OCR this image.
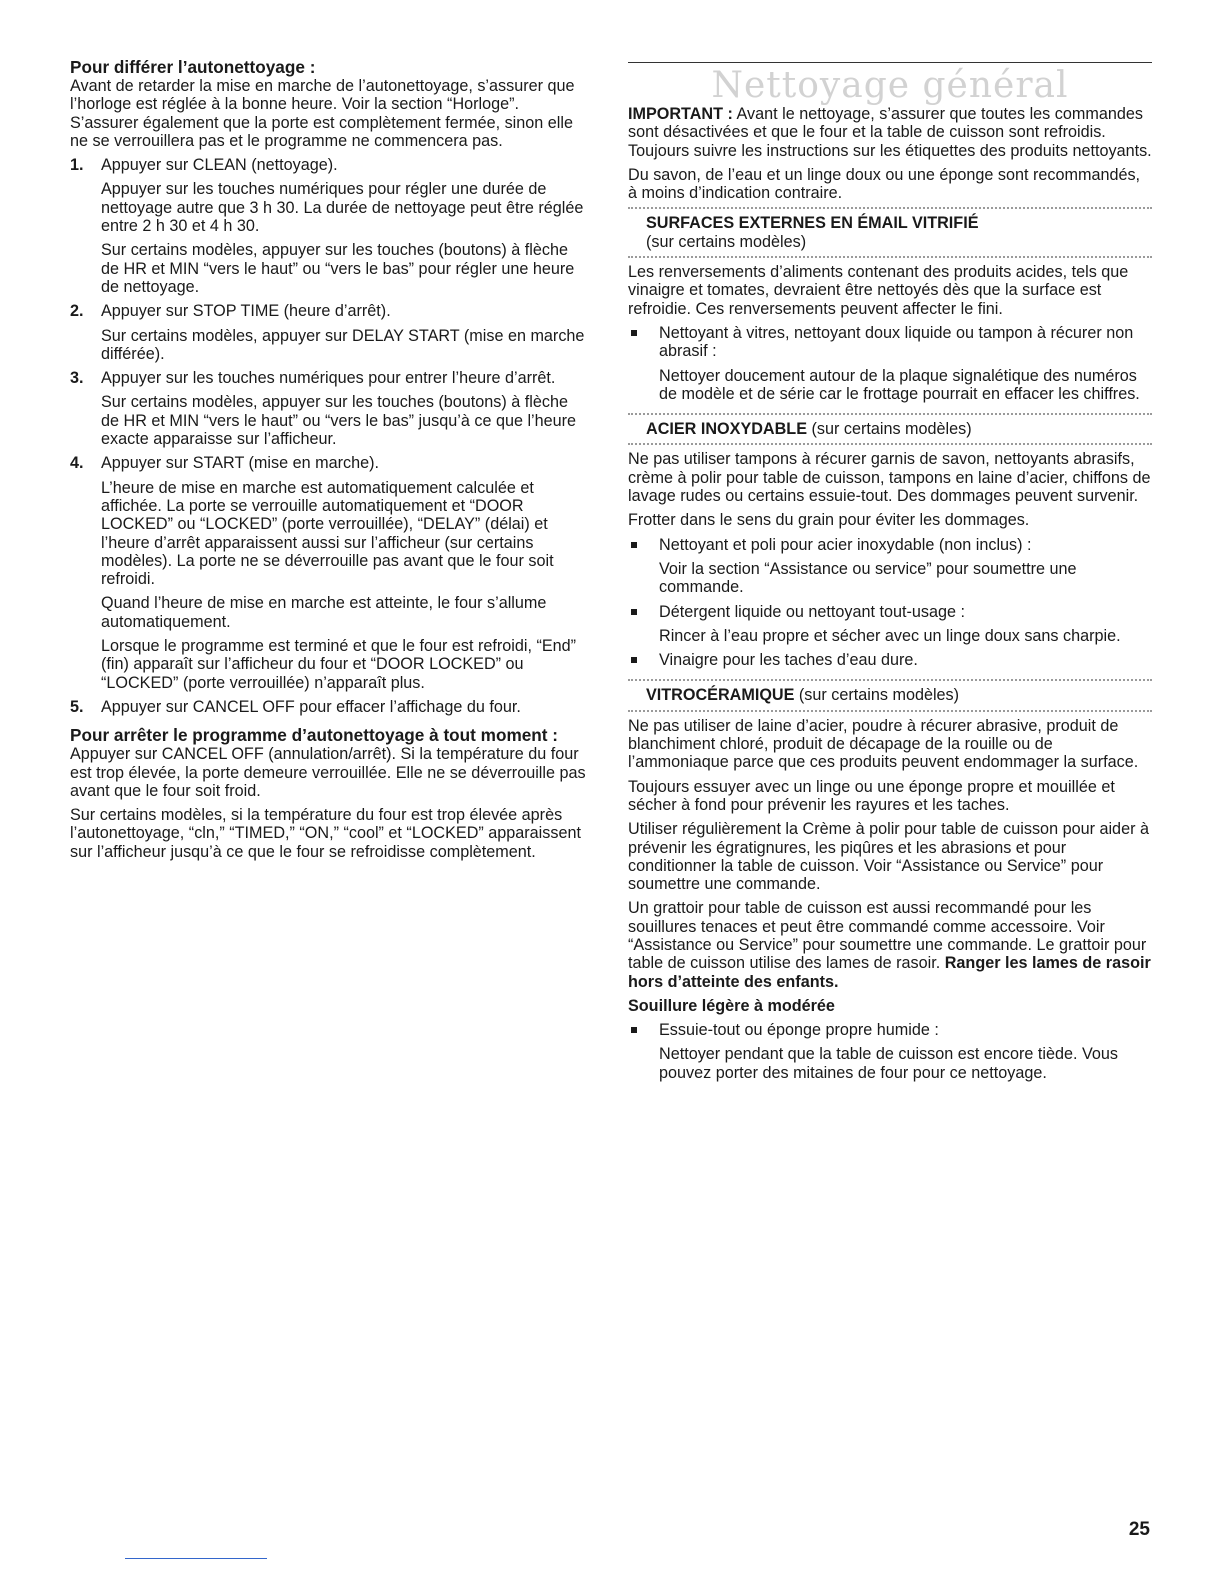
Pour différer l’autonettoyage :

Avant de retarder la mise en marche de l’autonettoyage, s’assurer que l’horloge est réglée à la bonne heure. Voir la section “Horloge”. S’assurer également que la porte est complètement fermée, sinon elle ne se verrouillera pas et le programme ne commencera pas.

1. Appuyer sur CLEAN (nettoyage).

Appuyer sur les touches numériques pour régler une durée de nettoyage autre que 3 h 30. La durée de nettoyage peut être réglée entre 2 h 30 et 4 h 30.

Sur certains modèles, appuyer sur les touches (boutons) à flèche de HR et MIN “vers le haut” ou “vers le bas” pour régler une heure de nettoyage.

2. Appuyer sur STOP TIME (heure d’arrêt).

Sur certains modèles, appuyer sur DELAY START (mise en marche différée).

3. Appuyer sur les touches numériques pour entrer l’heure d’arrêt.

Sur certains modèles, appuyer sur les touches (boutons) à flèche de HR et MIN “vers le haut” ou “vers le bas” jusqu’à ce que l’heure exacte apparaisse sur l’afficheur.

4. Appuyer sur START (mise en marche).

L’heure de mise en marche est automatiquement calculée et affichée. La porte se verrouille automatiquement et “DOOR LOCKED” ou “LOCKED” (porte verrouillée), “DELAY” (délai) et l’heure d’arrêt apparaissent aussi sur l’afficheur (sur certains modèles). La porte ne se déverrouille pas avant que le four soit refroidi.

Quand l’heure de mise en marche est atteinte, le four s’allume automatiquement.

Lorsque le programme est terminé et que le four est refroidi, “End” (fin) apparaît sur l’afficheur du four et “DOOR LOCKED” ou “LOCKED” (porte verrouillée) n’apparaît plus.

5. Appuyer sur CANCEL OFF pour effacer l’affichage du four.

Pour arrêter le programme d’autonettoyage à tout moment :

Appuyer sur CANCEL OFF (annulation/arrêt). Si la température du four est trop élevée, la porte demeure verrouillée. Elle ne se déverrouille pas avant que le four soit froid.

Sur certains modèles, si la température du four est trop élevée après l’autonettoyage, “cln,” “TIMED,” “ON,” “cool” et “LOCKED” apparaissent sur l’afficheur jusqu’à ce que le four se refroidisse complètement.

Nettoyage général

IMPORTANT : Avant le nettoyage, s’assurer que toutes les commandes sont désactivées et que le four et la table de cuisson sont refroidis. Toujours suivre les instructions sur les étiquettes des produits nettoyants.

Du savon, de l’eau et un linge doux ou une éponge sont recommandés, à moins d’indication contraire.

SURFACES EXTERNES EN ÉMAIL VITRIFIÉ

(sur certains modèles)

Les renversements d’aliments contenant des produits acides, tels que vinaigre et tomates, devraient être nettoyés dès que la surface est refroidie. Ces renversements peuvent affecter le fini.

Nettoyant à vitres, nettoyant doux liquide ou tampon à récurer non abrasif :

Nettoyer doucement autour de la plaque signalétique des numéros de modèle et de série car le frottage pourrait en effacer les chiffres.

ACIER INOXYDABLE (sur certains modèles)

Ne pas utiliser tampons à récurer garnis de savon, nettoyants abrasifs, crème à polir pour table de cuisson, tampons en laine d’acier, chiffons de lavage rudes ou certains essuie-tout. Des dommages peuvent survenir.

Frotter dans le sens du grain pour éviter les dommages.

Nettoyant et poli pour acier inoxydable (non inclus) :

Voir la section “Assistance ou service” pour soumettre une commande.

Détergent liquide ou nettoyant tout-usage :

Rincer à l’eau propre et sécher avec un linge doux sans charpie.

Vinaigre pour les taches d’eau dure.

VITROCÉRAMIQUE (sur certains modèles)

Ne pas utiliser de laine d’acier, poudre à récurer abrasive, produit de blanchiment chloré, produit de décapage de la rouille ou de l’ammoniaque parce que ces produits peuvent endommager la surface.

Toujours essuyer avec un linge ou une éponge propre et mouillée et sécher à fond pour prévenir les rayures et les taches.

Utiliser régulièrement la Crème à polir pour table de cuisson pour aider à prévenir les égratignures, les piqûres et les abrasions et pour conditionner la table de cuisson. Voir “Assistance ou Service” pour soumettre une commande.

Un grattoir pour table de cuisson est aussi recommandé pour les souillures tenaces et peut être commandé comme accessoire. Voir “Assistance ou Service” pour soumettre une commande. Le grattoir pour table de cuisson utilise des lames de rasoir. Ranger les lames de rasoir hors d’atteinte des enfants.

Souillure légère à modérée

Essuie-tout ou éponge propre humide :

Nettoyer pendant que la table de cuisson est encore tiède. Vous pouvez porter des mitaines de four pour ce nettoyage.

25
